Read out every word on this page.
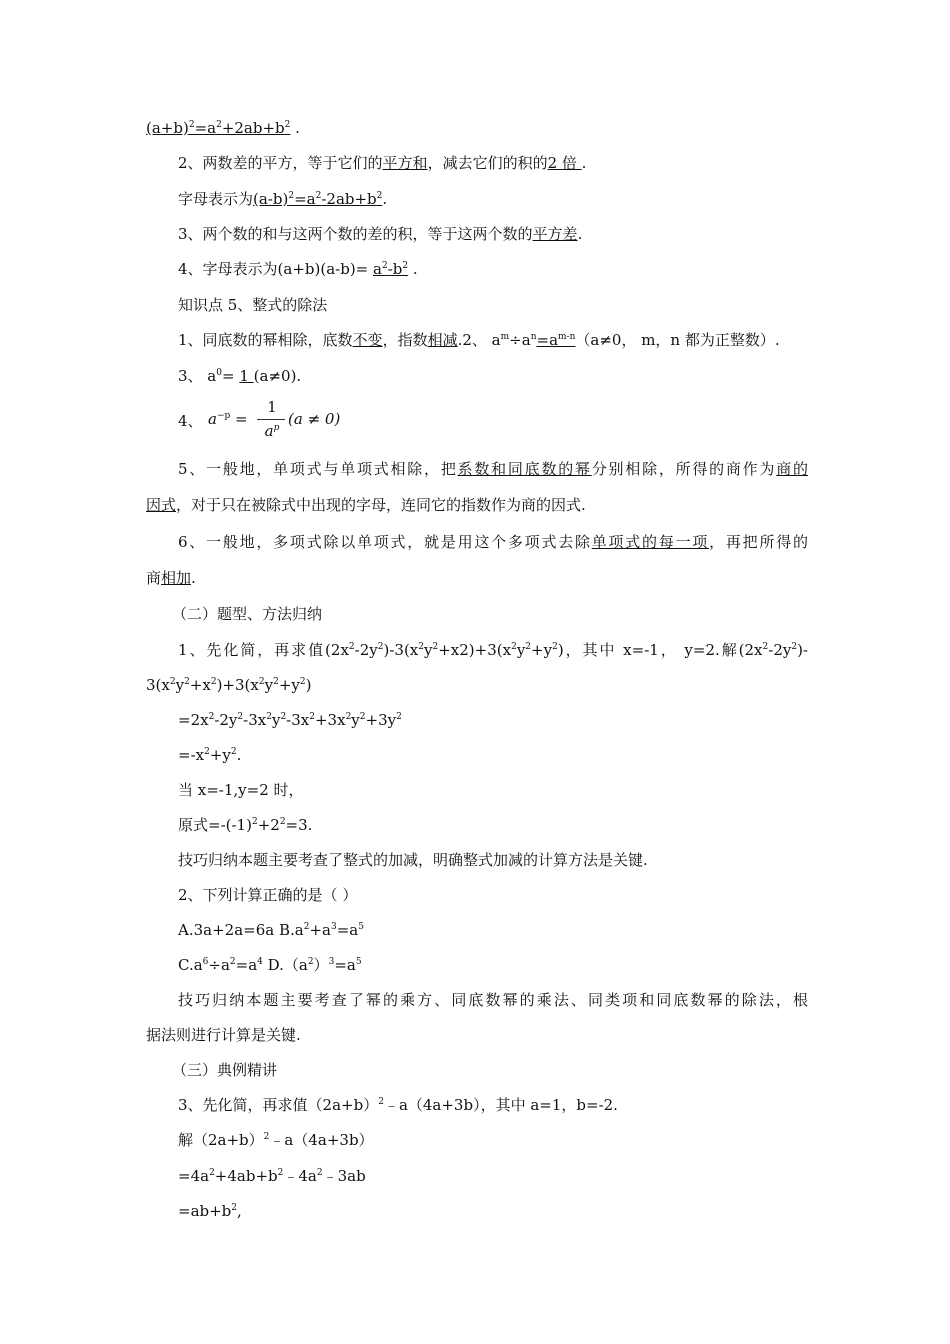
$(a+b)^2=a^2+2ab+b^2$ .
2、两数差的平方，等于它们的平方和，减去它们的积的2 倍 .
字母表示为$(a-b)^2=a^2-2ab+b^2$.
3、两个数的和与这两个数的差的积，等于这两个数的平方差.
4、字母表示为$(a+b)(a-b)= a^2-b^2$ .
知识点 5、整式的除法
1、同底数的幂相除，底数不变，指数相减.2、 $a^m\div a^n=a^{m-n}(a\ne 0$， m，n 都为正整数）.
3、 $a^0= 1$ (a≠0).
4、 $a^{-p}$ =
1
$a^p$ (a ≠ 0)
5、一般地，单项式与单项式相除，把系数和同底数的幂分别相除，所得的商作为商的
因式，对于只在被除式中出现的字母，连同它的指数作为商的因式.
6、一般地，多项式除以单项式，就是用这个多项式去除单项式的每一项，再把所得的
商相加.
（二）题型、方法归纳
1、先化简，再求值$(2x^2-2y^2)-3(x^2y^2+x2)+3(x^2y^2+y^2)$，其中 x=-1， y=2.解$(2x^2-2y^2)-$
$3(x^2y^2+x^2)+3(x^2y^2+y^2)$
$=2x^2-2y^2-3x^2y^2-3x^2+3x^2y^2+3y^2$
$=-x^2+y^2$.
当 x=-1,y=2 时，
原式$=-(-1)^2+2^2=3$.
技巧归纳本题主要考查了整式的加减，明确整式加减的计算方法是关键.
2、下列计算正确的是（ ）
A.3a+2a=6a $B.a^2+a^3=a^5$
$C.a^6\div a^2=a^4$ $D.(a^2)^3=a^5$
技巧归纳本题主要考查了幂的乘方、同底数幂的乘法、同类项和同底数幂的除法，根
据法则进行计算是关键.
（三）典例精讲
3、先化简，再求值$(2a+b)^2﹣a(4a+3b)$，其中 a=1，b=-2.
解$(2a+b)^2﹣a(4a+3b)$
$=4a^2+4ab+b^2﹣4a^2﹣3ab$
$=ab+b^2$,
